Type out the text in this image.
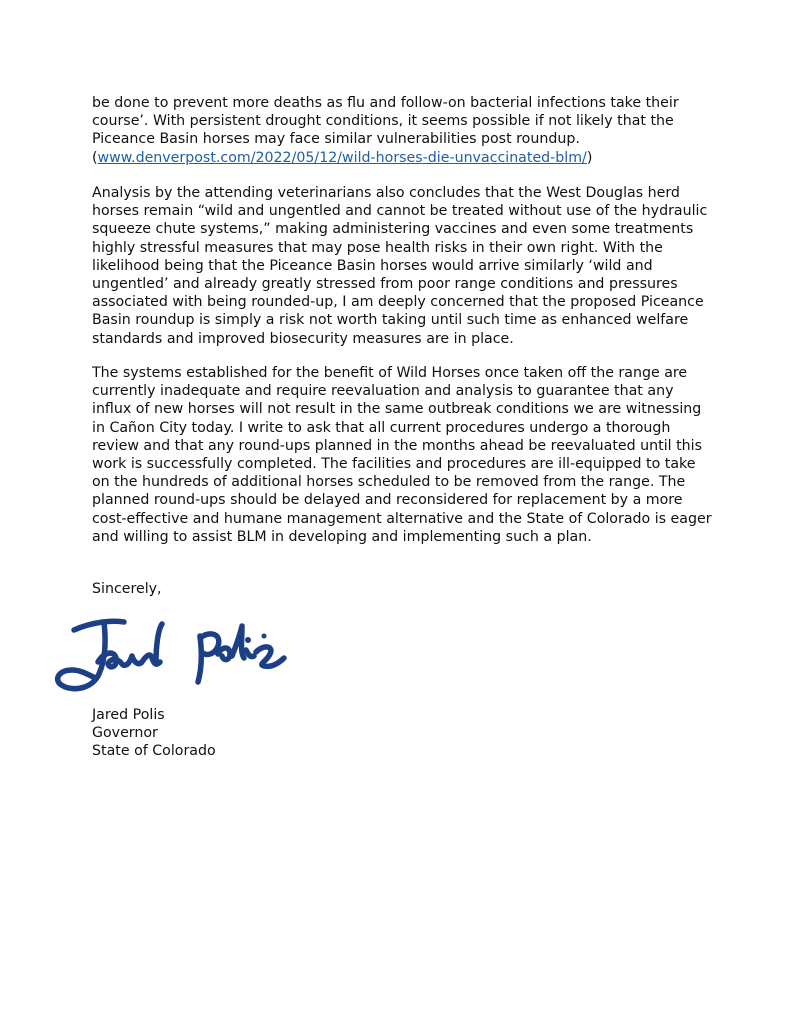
be done to prevent more deaths as flu and follow-on bacterial infections take their
course’. With persistent drought conditions, it seems possible if not likely that the
Piceance Basin horses may face similar vulnerabilities post roundup.
(www.denverpost.com/2022/05/12/wild-horses-die-unvaccinated-blm/)

Analysis by the attending veterinarians also concludes that the West Douglas herd
horses remain “wild and ungentled and cannot be treated without use of the hydraulic
squeeze chute systems,” making administering vaccines and even some treatments
highly stressful measures that may pose health risks in their own right. With the
likelihood being that the Piceance Basin horses would arrive similarly ‘wild and
ungentled’ and already greatly stressed from poor range conditions and pressures
associated with being rounded-up, I am deeply concerned that the proposed Piceance
Basin roundup is simply a risk not worth taking until such time as enhanced welfare
standards and improved biosecurity measures are in place.

The systems established for the benefit of Wild Horses once taken off the range are
currently inadequate and require reevaluation and analysis to guarantee that any
influx of new horses will not result in the same outbreak conditions we are witnessing
in Cañon City today. I write to ask that all current procedures undergo a thorough
review and that any round-ups planned in the months ahead be reevaluated until this
work is successfully completed. The facilities and procedures are ill-equipped to take
on the hundreds of additional horses scheduled to be removed from the range. The
planned round-ups should be delayed and reconsidered for replacement by a more
cost-effective and humane management alternative and the State of Colorado is eager
and willing to assist BLM in developing and implementing such a plan.

Sincerely,

Jared Polis
Governor
State of Colorado
